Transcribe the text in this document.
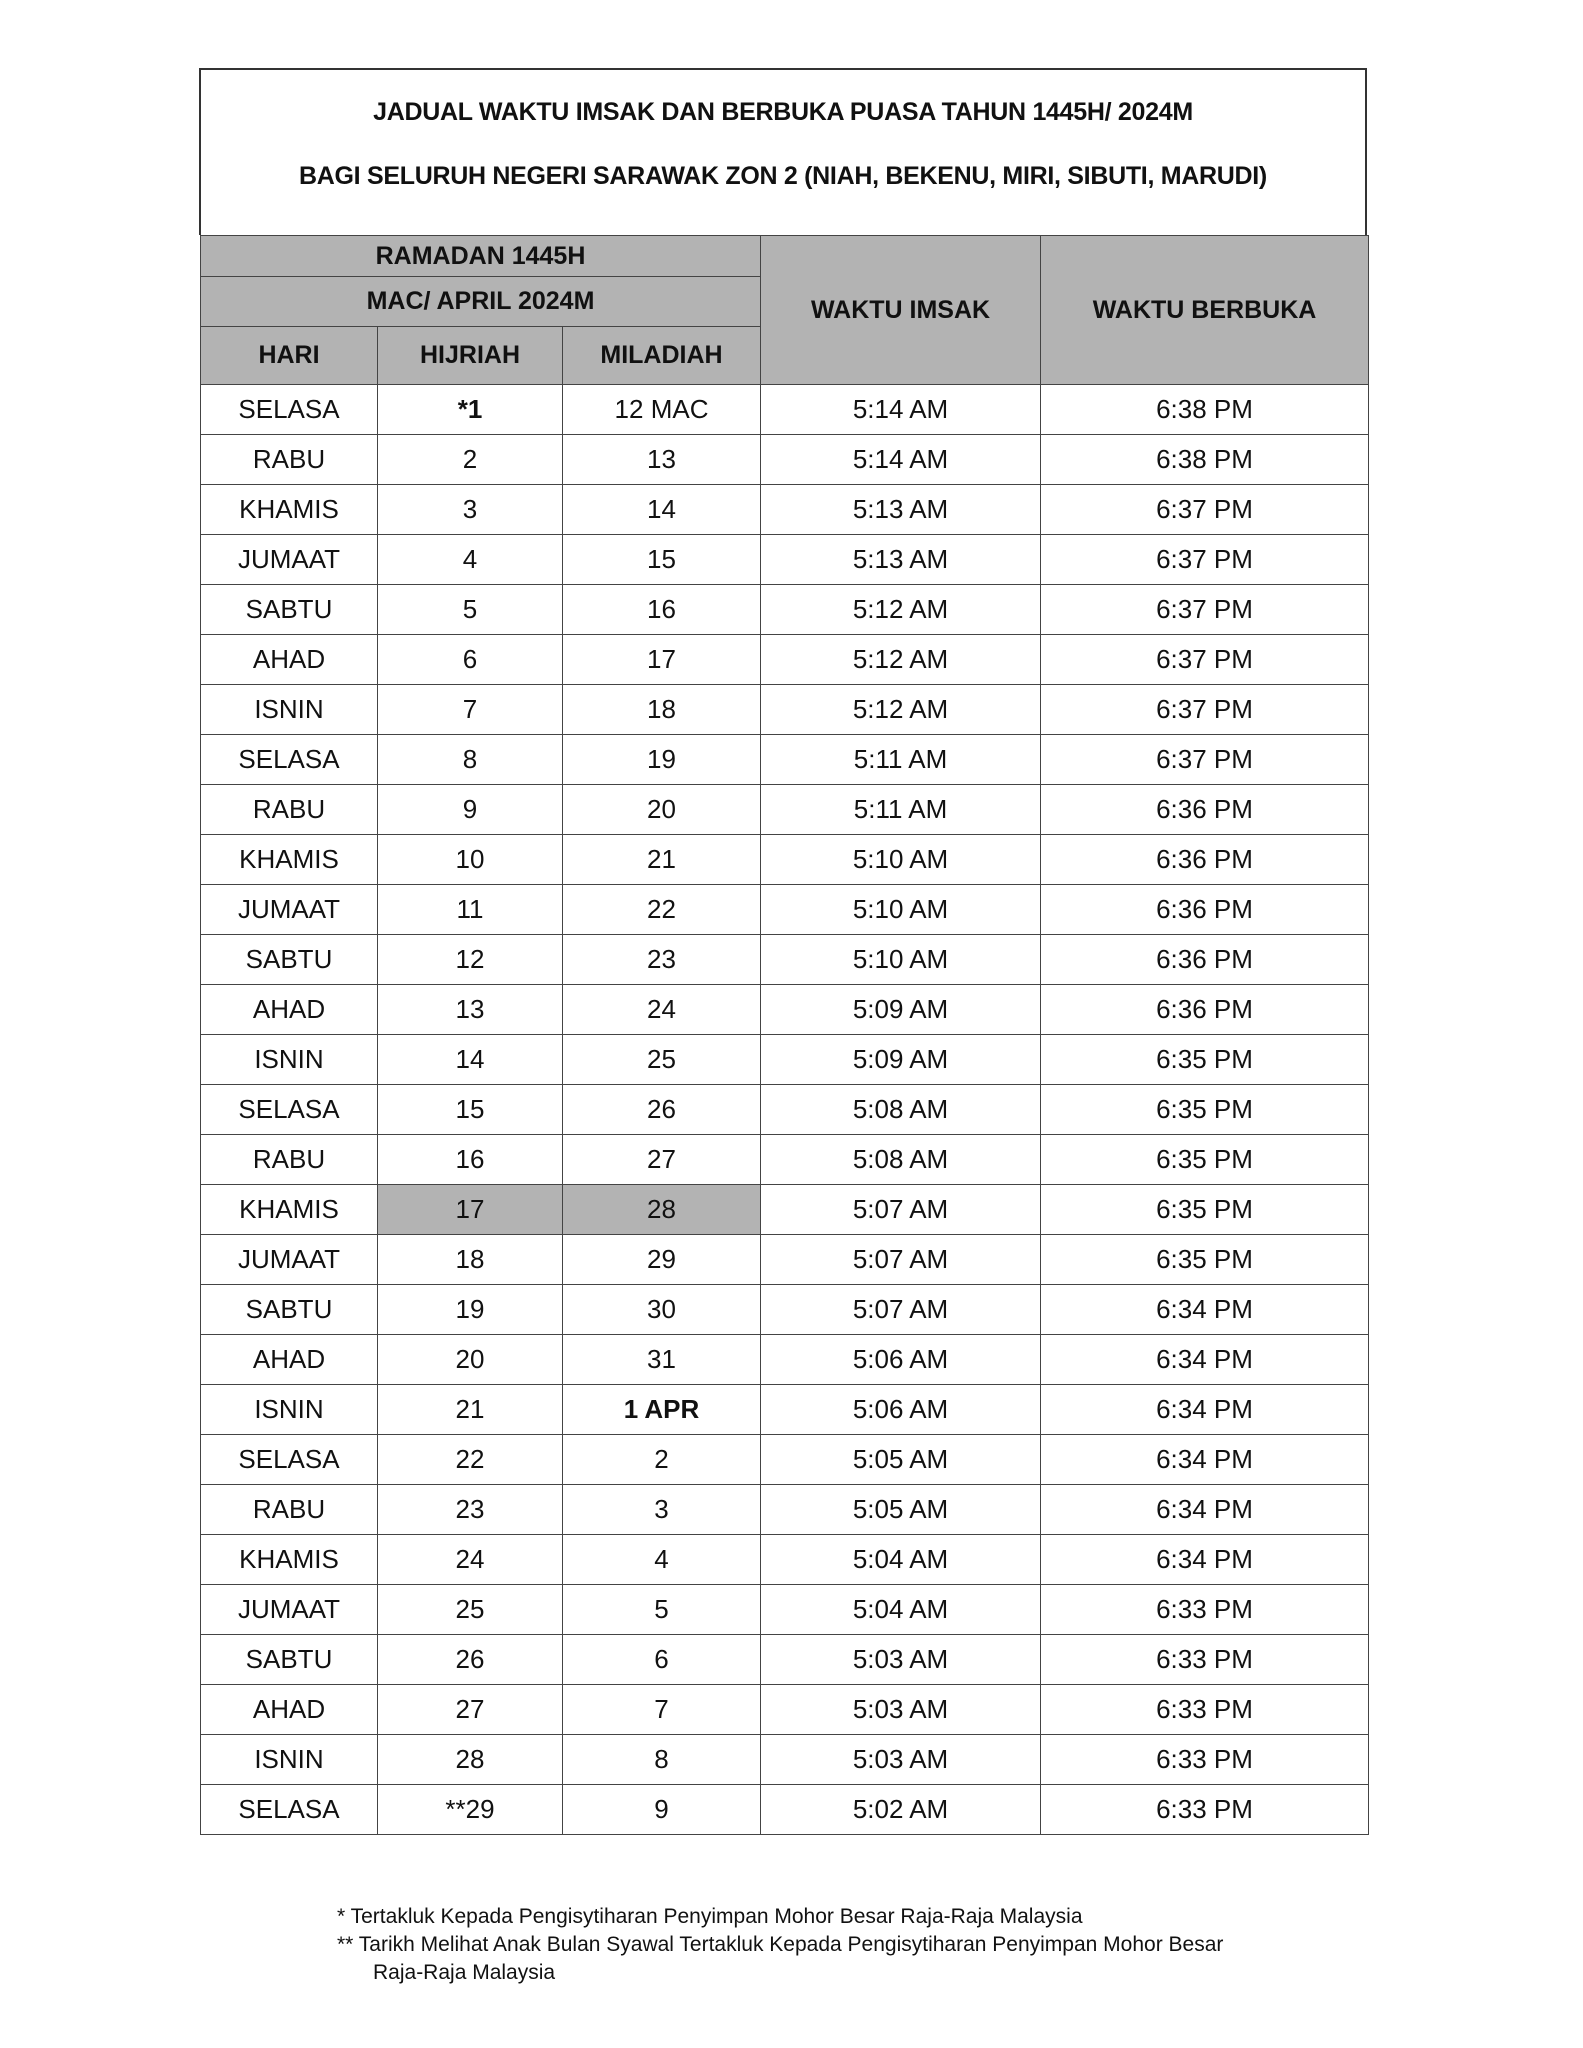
JADUAL WAKTU IMSAK DAN BERBUKA PUASA TAHUN 1445H/ 2024M
BAGI SELURUH NEGERI SARAWAK ZON 2 (NIAH, BEKENU, MIRI, SIBUTI, MARUDI)
RAMADAN 1445H			WAKTU IMSAK	WAKTU BERBUKA
MAC/ APRIL 2024M				
HARI	HIJRIAH	MILADIAH		
SELASA	*1	12 MAC	5:14 AM	6:38 PM
RABU	2	13	5:14 AM	6:38 PM
KHAMIS	3	14	5:13 AM	6:37 PM
JUMAAT	4	15	5:13 AM	6:37 PM
SABTU	5	16	5:12 AM	6:37 PM
AHAD	6	17	5:12 AM	6:37 PM
ISNIN	7	18	5:12 AM	6:37 PM
SELASA	8	19	5:11 AM	6:37 PM
RABU	9	20	5:11 AM	6:36 PM
KHAMIS	10	21	5:10 AM	6:36 PM
JUMAAT	11	22	5:10 AM	6:36 PM
SABTU	12	23	5:10 AM	6:36 PM
AHAD	13	24	5:09 AM	6:36 PM
ISNIN	14	25	5:09 AM	6:35 PM
SELASA	15	26	5:08 AM	6:35 PM
RABU	16	27	5:08 AM	6:35 PM
KHAMIS	17	28	5:07 AM	6:35 PM
JUMAAT	18	29	5:07 AM	6:35 PM
SABTU	19	30	5:07 AM	6:34 PM
AHAD	20	31	5:06 AM	6:34 PM
ISNIN	21	1 APR	5:06 AM	6:34 PM
SELASA	22	2	5:05 AM	6:34 PM
RABU	23	3	5:05 AM	6:34 PM
KHAMIS	24	4	5:04 AM	6:34 PM
JUMAAT	25	5	5:04 AM	6:33 PM
SABTU	26	6	5:03 AM	6:33 PM
AHAD	27	7	5:03 AM	6:33 PM
ISNIN	28	8	5:03 AM	6:33 PM
SELASA	**29	9	5:02 AM	6:33 PM
* Tertakluk Kepada Pengisytiharan Penyimpan Mohor Besar Raja-Raja Malaysia
** Tarikh Melihat Anak Bulan Syawal Tertakluk Kepada Pengisytiharan Penyimpan Mohor Besar
Raja-Raja Malaysia
